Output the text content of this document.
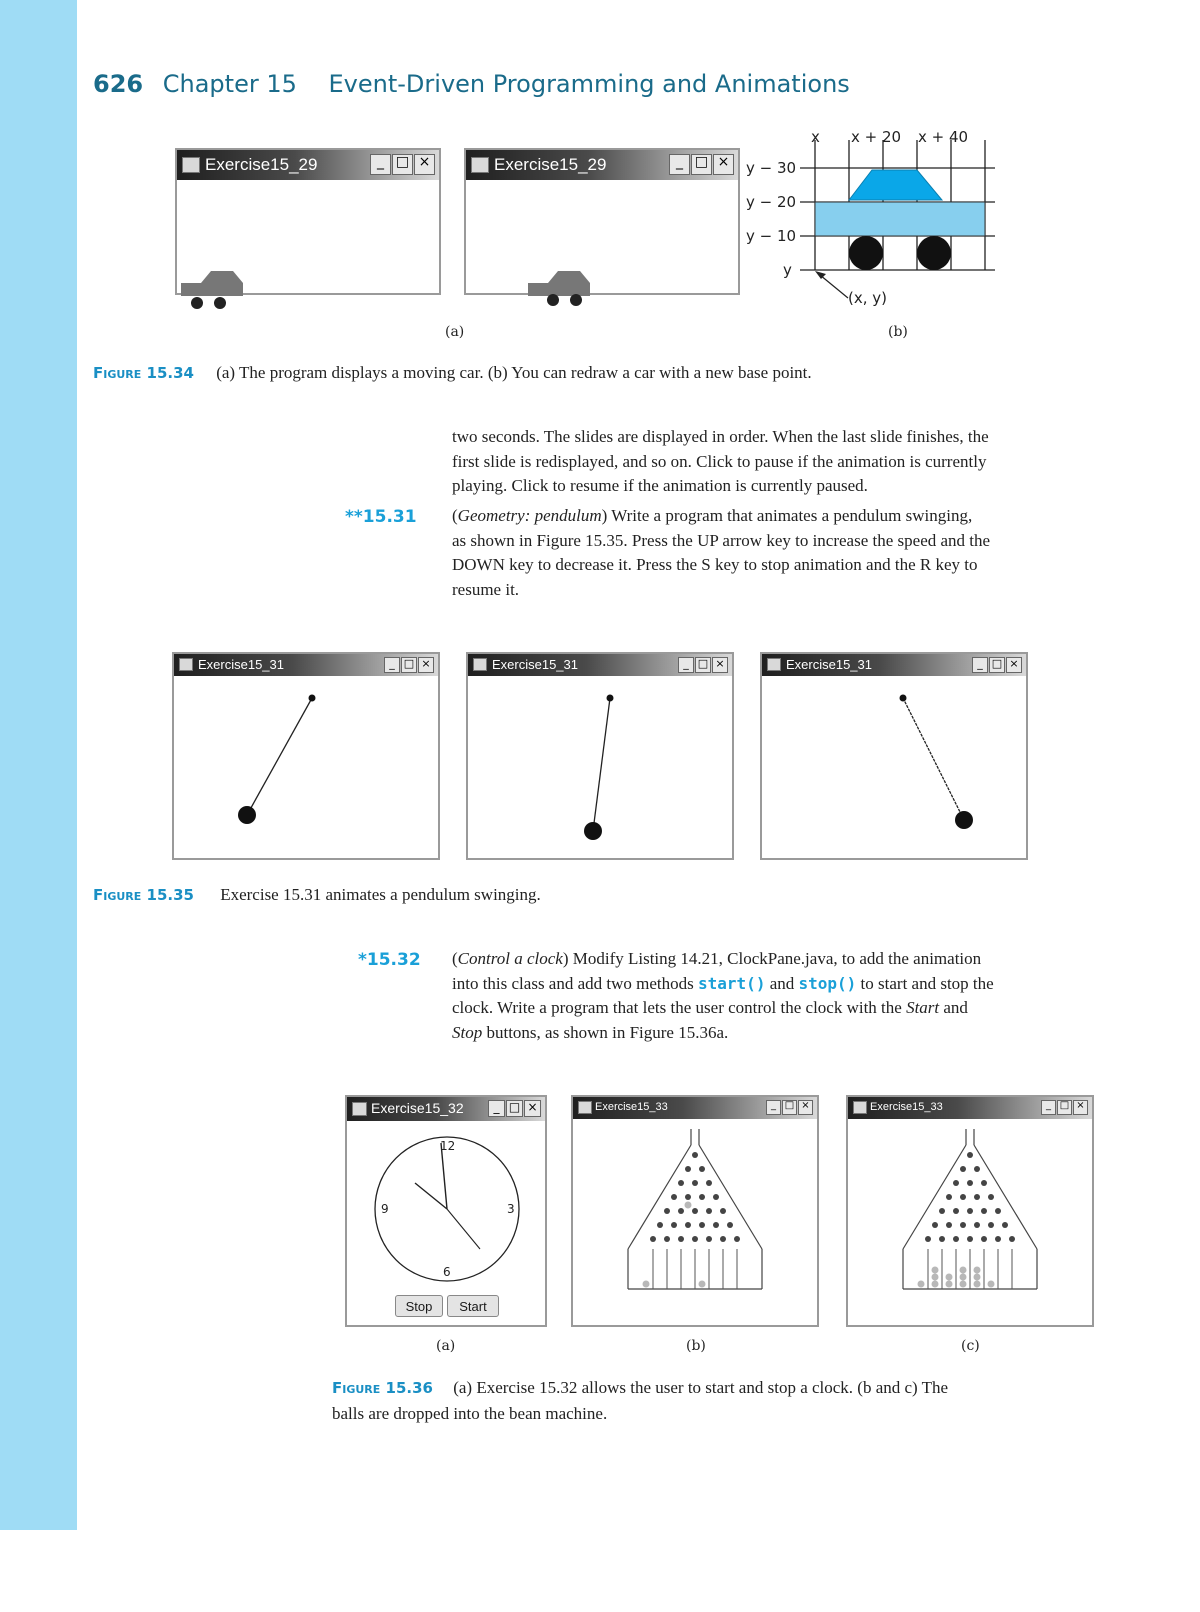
626 Chapter 15 Event-Driven Programming and Animations
Exercise15_29	_ □ ×	Exercise15_29	_ □ ×
x x + 20 x + 40
y − 30
y − 20
y − 10
y
(x, y)
(a)	(b)
Figure 15.34 (a) The program displays a moving car. (b) You can redraw a car with a new base point.
two seconds. The slides are displayed in order. When the last slide finishes, the
first slide is redisplayed, and so on. Click to pause if the animation is currently
playing. Click to resume if the animation is currently paused.
**15.31 (Geometry: pendulum) Write a program that animates a pendulum swinging,
as shown in Figure 15.35. Press the UP arrow key to increase the speed and the
DOWN key to decrease it. Press the S key to stop animation and the R key to
resume it.
Exercise15_31	_ □ ×	Exercise15_31	_ □ ×	Exercise15_31	_ □ ×
Figure 15.35 Exercise 15.31 animates a pendulum swinging.
*15.32 (Control a clock) Modify Listing 14.21, ClockPane.java, to add the animation
into this class and add two methods start() and stop() to start and stop the
clock. Write a program that lets the user control the clock with the Start and
Stop buttons, as shown in Figure 15.36a.
Exercise15_32	_ □ ×
12
3
6
9
Stop	Start
Exercise15_33	_ □ ×	Exercise15_33	_ □ ×
(a)	(b)	(c)
Figure 15.36 (a) Exercise 15.32 allows the user to start and stop a clock. (b and c) The
balls are dropped into the bean machine.
